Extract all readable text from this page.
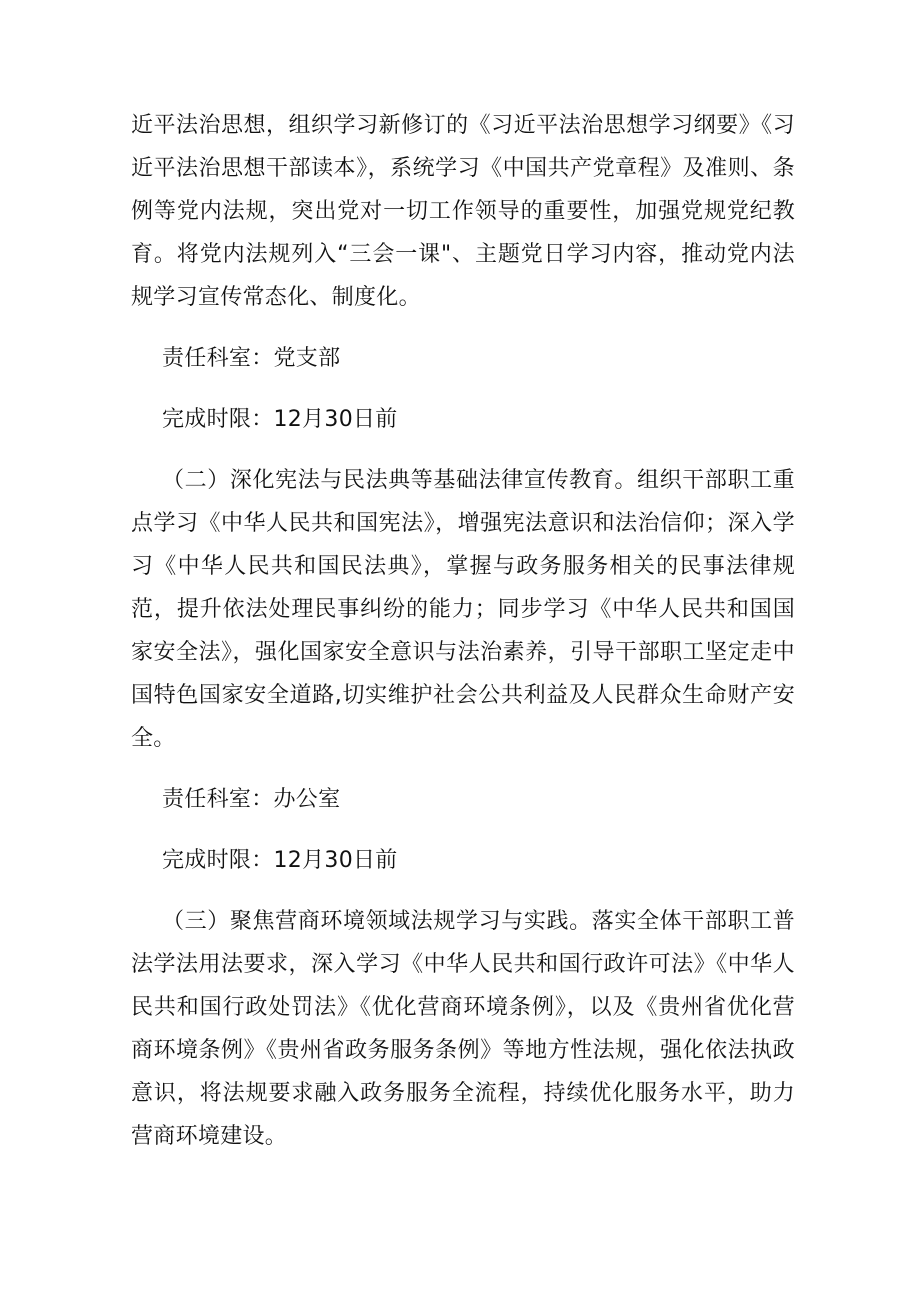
近平法治思想，组织学习新修订的《习近平法治思想学习纲要》《习近平法治思想干部读本》，系统学习《中国共产党章程》及准则、条例等党内法规，突出党对一切工作领导的重要性，加强党规党纪教育。将党内法规列入“三会一课"、主题党日学习内容，推动党内法规学习宣传常态化、制度化。

责任科室：党支部

完成时限：12月30日前

（二）深化宪法与民法典等基础法律宣传教育。组织干部职工重点学习《中华人民共和国宪法》，增强宪法意识和法治信仰；深入学习《中华人民共和国民法典》，掌握与政务服务相关的民事法律规范，提升依法处理民事纠纷的能力；同步学习《中华人民共和国国家安全法》，强化国家安全意识与法治素养，引导干部职工坚定走中国特色国家安全道路,切实维护社会公共利益及人民群众生命财产安全。

责任科室：办公室

完成时限：12月30日前

（三）聚焦营商环境领域法规学习与实践。落实全体干部职工普法学法用法要求，深入学习《中华人民共和国行政许可法》《中华人民共和国行政处罚法》《优化营商环境条例》，以及《贵州省优化营商环境条例》《贵州省政务服务条例》等地方性法规，强化依法执政意识，将法规要求融入政务服务全流程，持续优化服务水平，助力营商环境建设。
